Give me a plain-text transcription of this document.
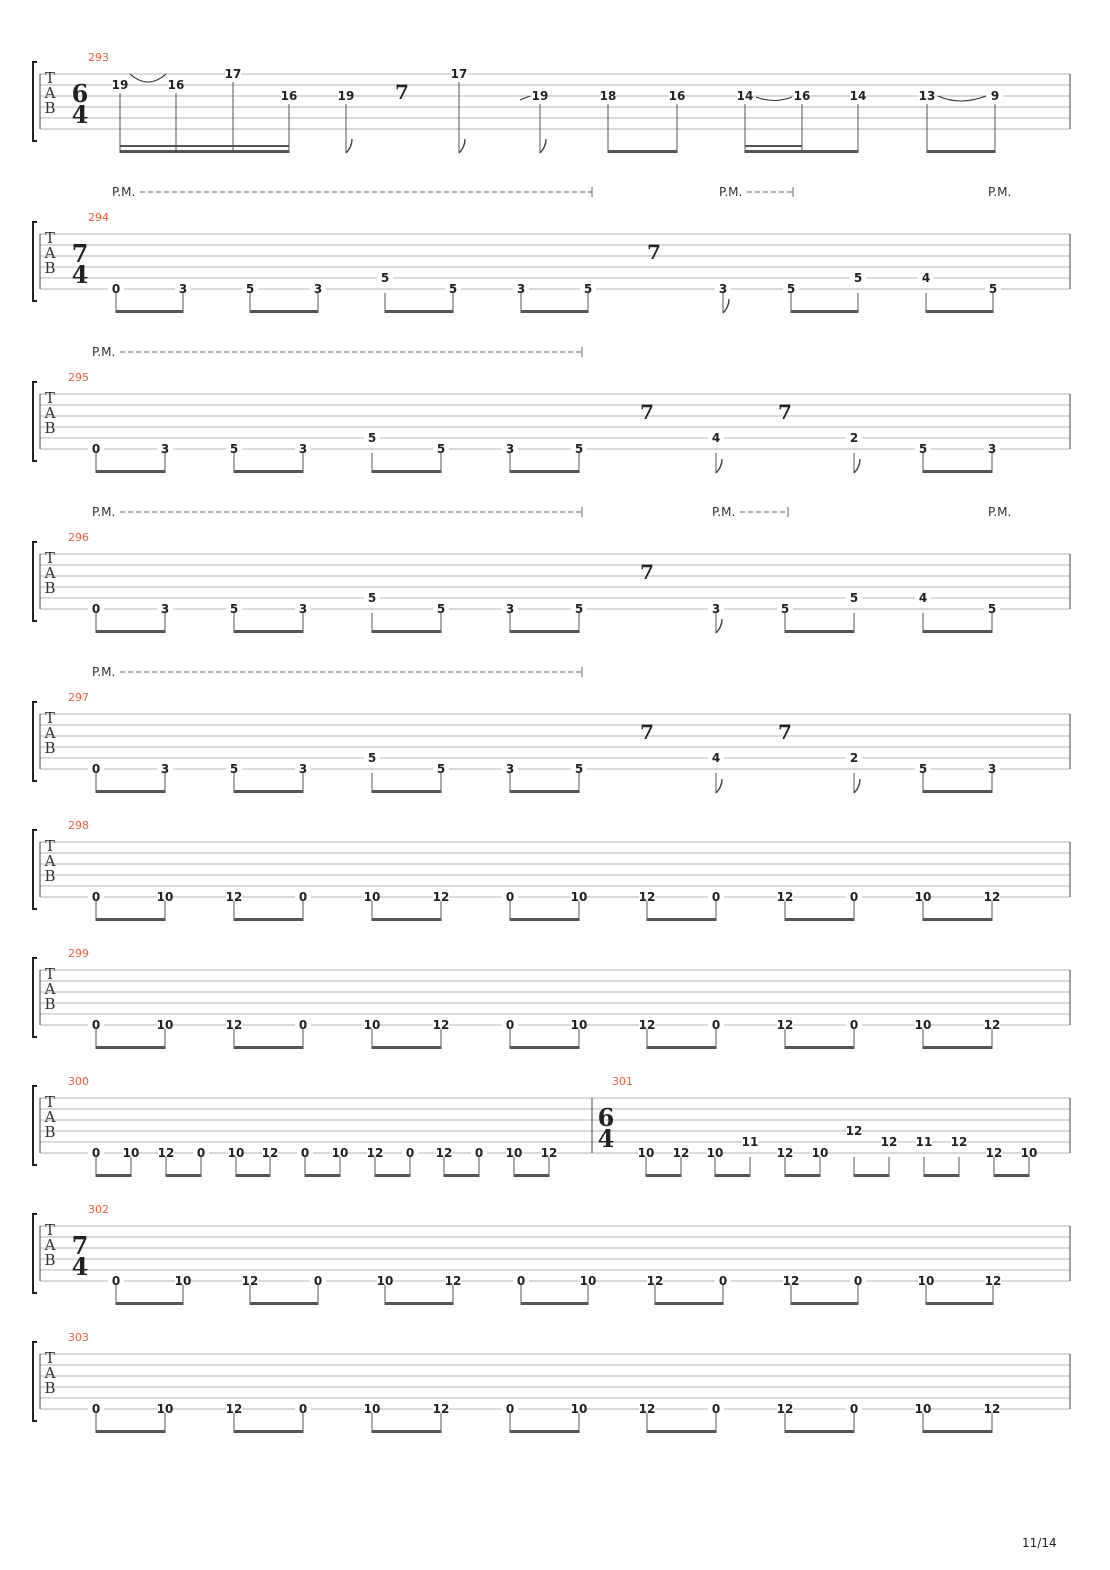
T
A
B
293
6
4
19	16
17
16	19
17
19	18	16	14	16	14	13	9
7
T
A
B
294
7
4 0	3	5	3
5
5	3	5	3	5
5	4
5
7
P.M.	P.M.	P.M.
T
A
B
295
0	3	5	3
5
5	3	5
4	2
5	3
7	7
P.M.
T
A
B
296
0	3	5	3
5
5	3	5	3	5
5	4
5
7
P.M.	P.M.	P.M.
T
A
B
297
0	3	5	3
5
5	3	5
4	2
5	3
7	7
P.M.
T
A
B
298
0	10	12	0	10	12	0	10	12	0	12	0	10	12
T
A
B
299
0	10	12	0	10	12	0	10	12	0	12	0	10	12
T
A
B
300	301
6
4
0 10 12 0 10 12 0 10 12 0 12 0 10 12	10 12 10
11
12 10
12
12 11 12
12 10
T
A
B
302
7
4 0	10	12	0	10	12	0	10	12	0	12	0	10	12
T
A
B
303
0	10	12	0	10	12	0	10	12	0	12	0	10	12
11/14
